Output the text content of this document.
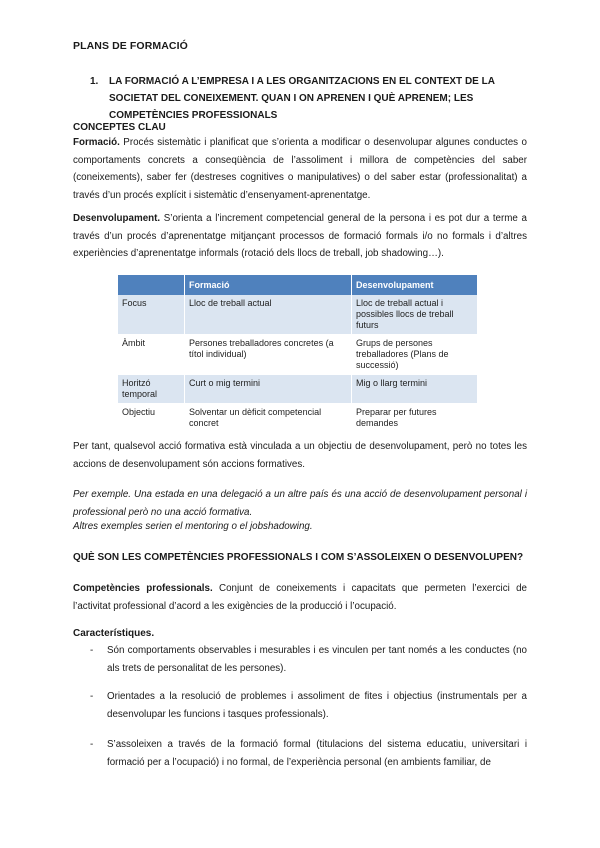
PLANS DE FORMACIÓ
1. LA FORMACIÓ A L’EMPRESA I A LES ORGANITZACIONS EN EL CONTEXT DE LA SOCIETAT DEL CONEIXEMENT. QUAN I ON APRENEN I QUÈ APRENEM; LES COMPETÈNCIES PROFESSIONALS
CONCEPTES CLAU
Formació. Procés sistemàtic i planificat que s’orienta a modificar o desenvolupar algunes conductes o comportaments concrets a conseqüència de l’assoliment i millora de competències del saber (coneixements), saber fer (destreses cognitives o manipulatives) o del saber estar (professionalitat) a través d’un procés explícit i sistemàtic d’ensenyament-aprenentatge.
Desenvolupament. S’orienta a l’increment competencial general de la persona i es pot dur a terme a través d’un procés d’aprenentatge mitjançant processos de formació formals i/o no formals i d’altres experiències d’aprenentatge informals (rotació dels llocs de treball, job shadowing…).
	Formació	Desenvolupament
Focus	Lloc de treball actual	Lloc de treball actual i possibles llocs de treball futurs
Àmbit	Persones treballadores concretes (a títol individual)	Grups de persones treballadores (Plans de successió)
Horitzó temporal	Curt o mig termini	Mig o llarg termini
Objectiu	Solventar un dèficit competencial concret	Preparar per futures demandes
Per tant, qualsevol acció formativa està vinculada a un objectiu de desenvolupament, però no totes les accions de desenvolupament són accions formatives.
Per exemple. Una estada en una delegació a un altre país és una acció de desenvolupament personal i professional però no una acció formativa.
Altres exemples serien el mentoring o el jobshadowing.
QUÈ SON LES COMPETÈNCIES PROFESSIONALS I COM S’ASSOLEIXEN O DESENVOLUPEN?
Competències professionals. Conjunt de coneixements i capacitats que permeten l’exercici de l’activitat professional d’acord a les exigències de la producció i l’ocupació.
Característiques.
- Són comportaments observables i mesurables i es vinculen per tant només a les conductes (no als trets de personalitat de les persones).
- Orientades a la resolució de problemes i assoliment de fites i objectius (instrumentals per a desenvolupar les funcions i tasques professionals).
- S’assoleixen a través de la formació formal (titulacions del sistema educatiu, universitari i formació per a l’ocupació) i no formal, de l’experiència personal (en ambients familiar, de
